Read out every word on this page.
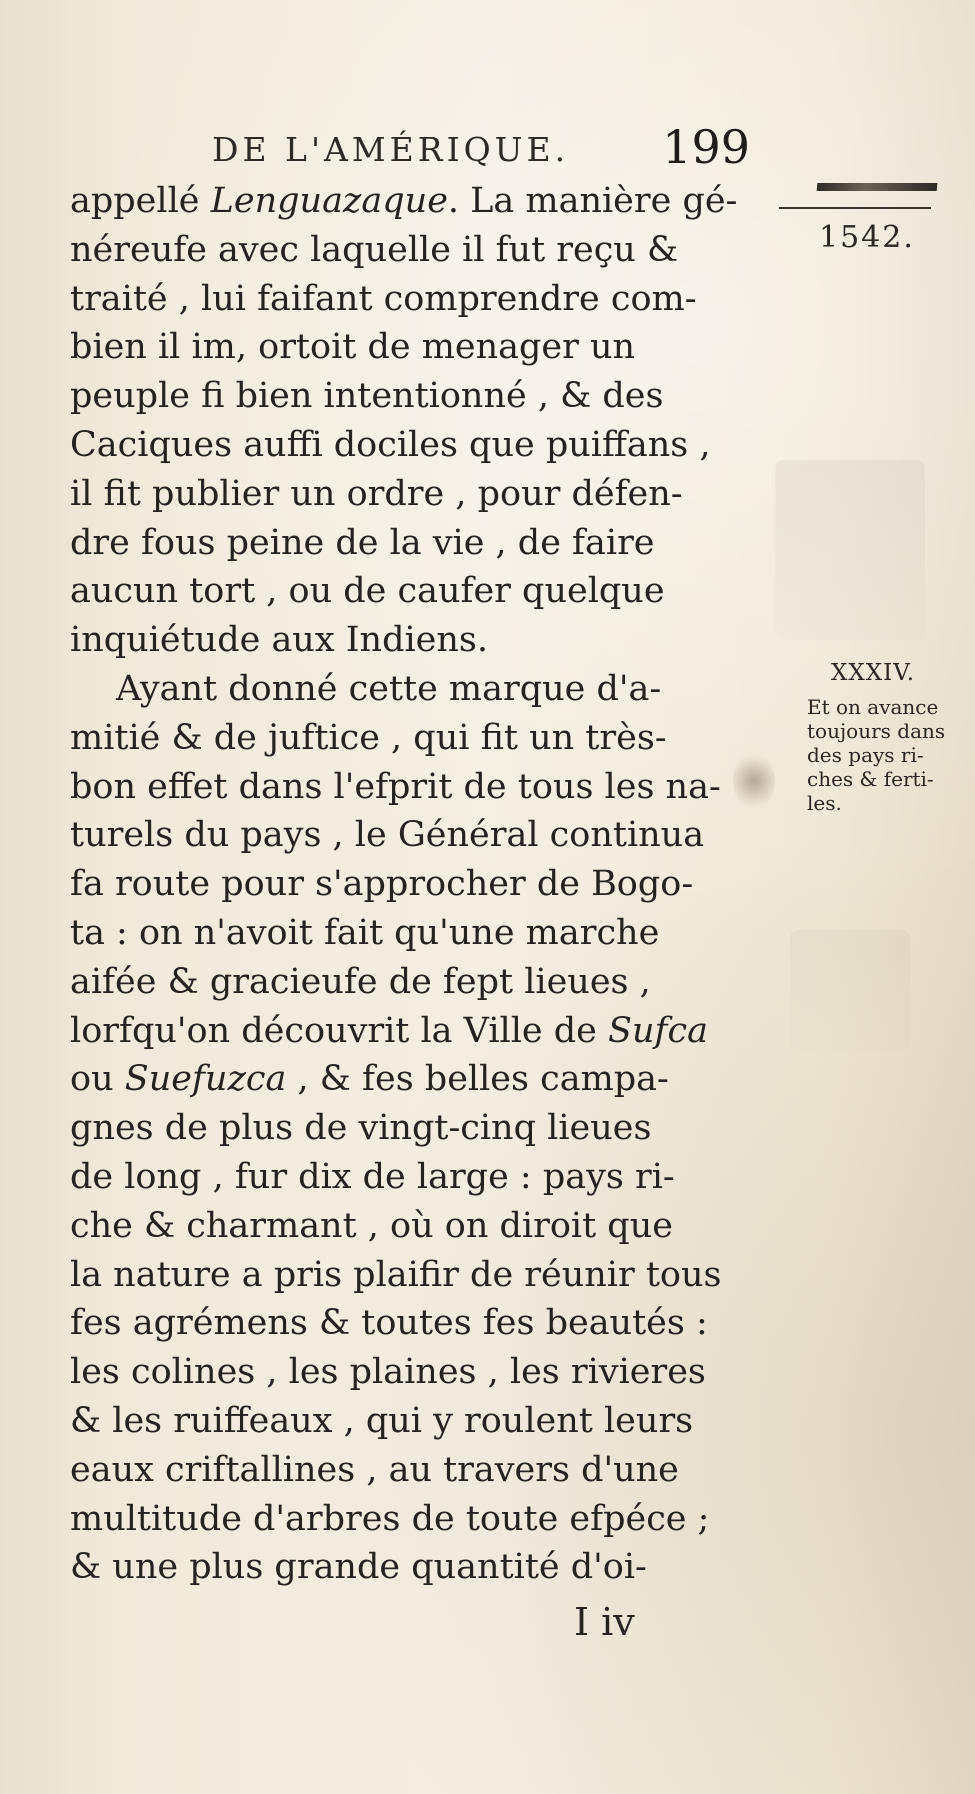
DE L'AMÉRIQUE. 199
1542.
XXXIV.
Et on avance
toujours dans
des pays ri-
ches & ferti-
les.
appellé Lenguazaque. La manière gé-
néreufe avec laquelle il fut reçu &
traité , lui faifant comprendre com-
bien il im, ortoit de menager un
peuple fi bien intentionné , & des
Caciques auffi dociles que puiffans ,
il fit publier un ordre , pour défen-
dre fous peine de la vie , de faire
aucun tort , ou de caufer quelque
inquiétude aux Indiens.
Ayant donné cette marque d'a-
mitié & de juftice , qui fit un très-
bon effet dans l'efprit de tous les na-
turels du pays , le Général continua
fa route pour s'approcher de Bogo-
ta : on n'avoit fait qu'une marche
aifée & gracieufe de fept lieues ,
lorfqu'on découvrit la Ville de Sufca
ou Suefuzca , & fes belles campa-
gnes de plus de vingt-cinq lieues
de long , fur dix de large : pays ri-
che & charmant , où on diroit que
la nature a pris plaifir de réunir tous
fes agrémens & toutes fes beautés :
les colines , les plaines , les rivieres
& les ruiffeaux , qui y roulent leurs
eaux criftallines , au travers d'une
multitude d'arbres de toute efpéce ;
& une plus grande quantité d'oi-
I iv
